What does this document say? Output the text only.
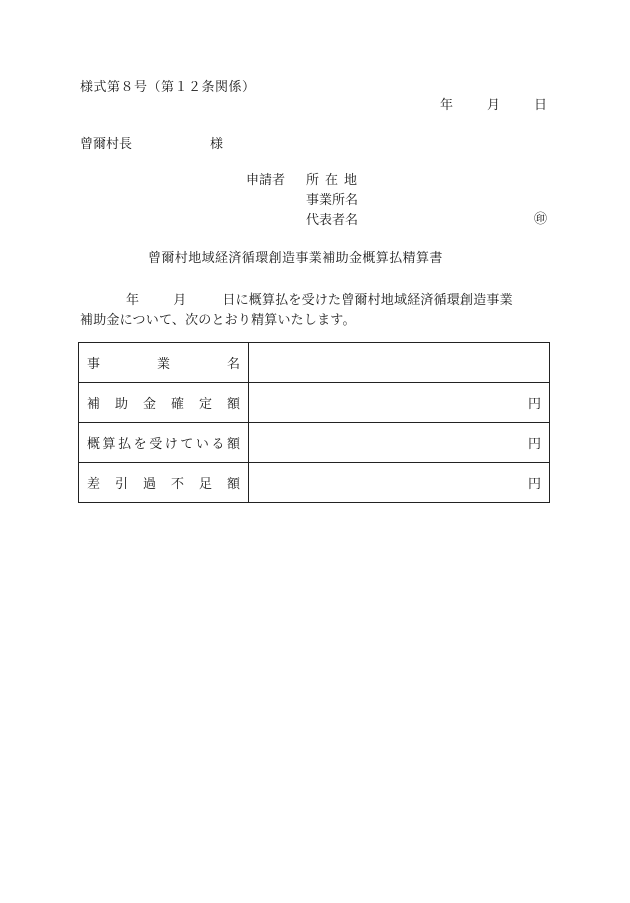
様式第８号（第１２条関係）
年	月	日
曾爾村長	様
申請者 所在地
事業所名
代表者名	㊞
曾爾村地域経済循環創造事業補助金概算払精算書
年	月	日に概算払を受けた曾爾村地域経済循環創造事業
補助金について、次のとおり精算いたします。
事業名	
補助金確定額	円
概算払を受けている額	円
差引過不足額	円
